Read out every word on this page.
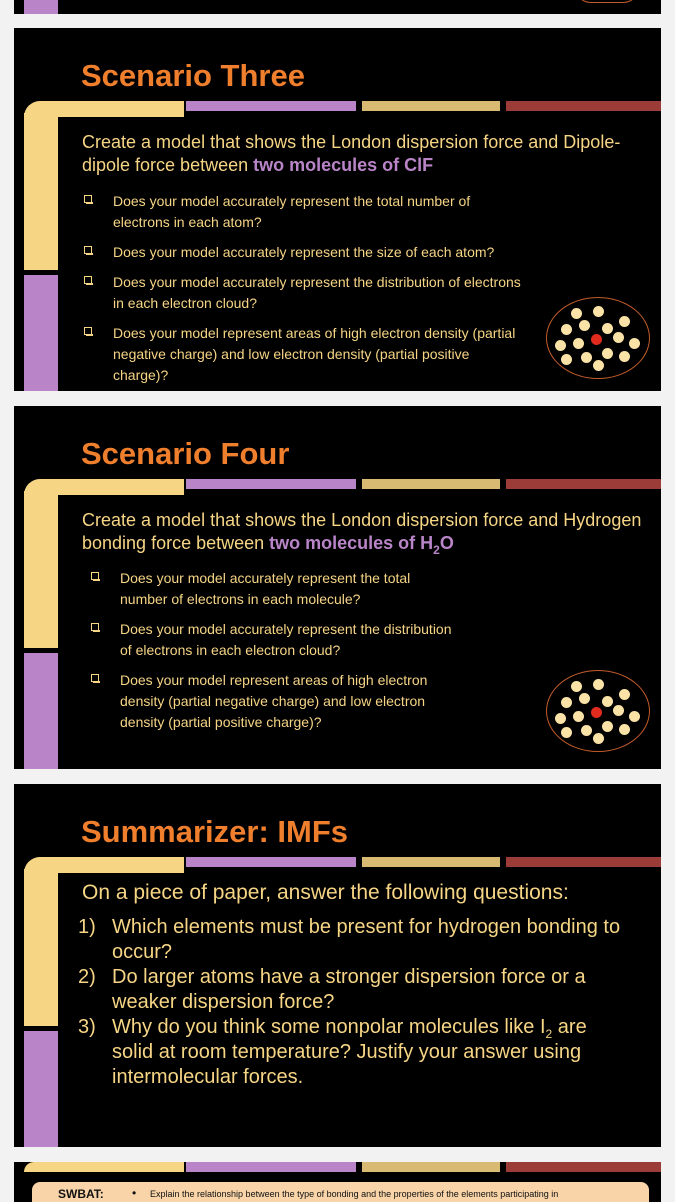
Scenario Three

Create a model that shows the London dispersion force and Dipole-dipole force between two molecules of ClF

Does your model accurately represent the total number of electrons in each atom?
Does your model accurately represent the size of each atom?
Does your model accurately represent the distribution of electrons in each electron cloud?
Does your model represent areas of high electron density (partial negative charge) and low electron density (partial positive charge)?
Scenario Four

Create a model that shows the London dispersion force and Hydrogen bonding force between two molecules of $H_2O$

Does your model accurately represent the total number of electrons in each molecule?
Does your model accurately represent the distribution of electrons in each electron cloud?
Does your model represent areas of high electron density (partial negative charge) and low electron density (partial positive charge)?
Summarizer: IMFs

On a piece of paper, answer the following questions:

1) Which elements must be present for hydrogen bonding to occur?
2) Do larger atoms have a stronger dispersion force or a weaker dispersion force?
3) Why do you think some nonpolar molecules like $I_2$ are solid at room temperature? Justify your answer using intermolecular forces.
SWBAT: • Explain the relationship between the type of bonding and the properties of the elements participating in
